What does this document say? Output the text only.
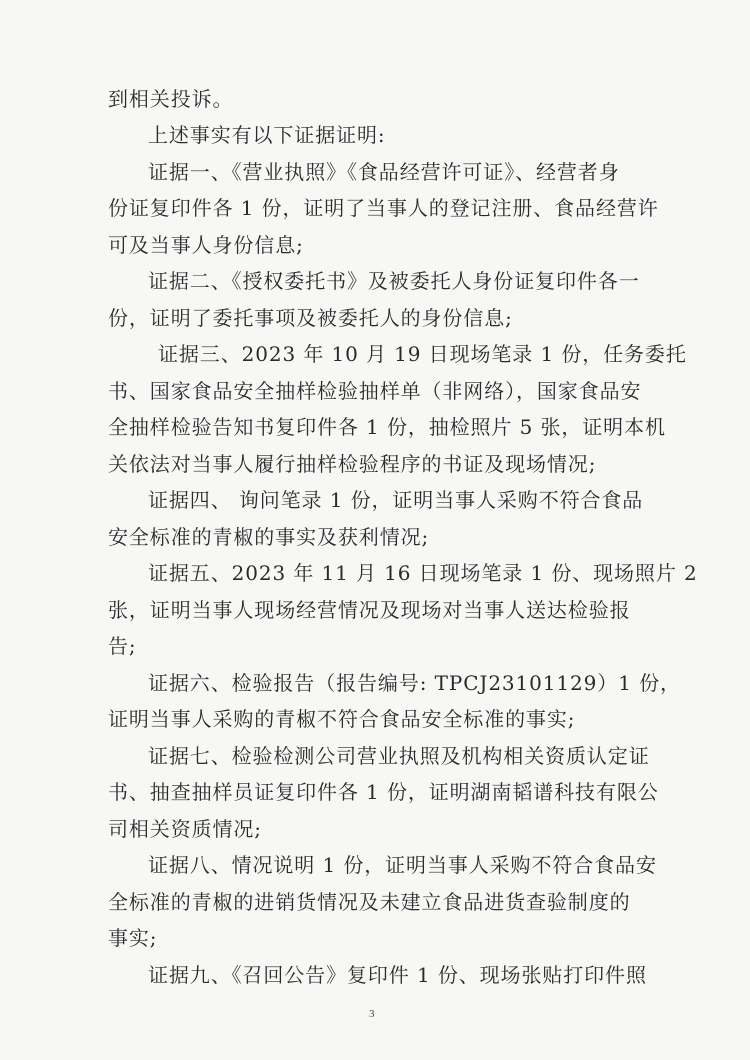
到相关投诉。
上述事实有以下证据证明:
证据一、《营业执照》《食品经营许可证》、经营者身
份证复印件各 1 份，证明了当事人的登记注册、食品经营许
可及当事人身份信息;
证据二、《授权委托书》及被委托人身份证复印件各一
份，证明了委托事项及被委托人的身份信息;
证据三、2023 年 10 月 19 日现场笔录 1 份，任务委托
书、国家食品安全抽样检验抽样单（非网络），国家食品安
全抽样检验告知书复印件各 1 份，抽检照片 5 张，证明本机
关依法对当事人履行抽样检验程序的书证及现场情况;
证据四、 询问笔录 1 份，证明当事人采购不符合食品
安全标准的青椒的事实及获利情况;
证据五、2023 年 11 月 16 日现场笔录 1 份、现场照片 2
张，证明当事人现场经营情况及现场对当事人送达检验报
告;
证据六、检验报告（报告编号: TPCJ23101129）1 份，
证明当事人采购的青椒不符合食品安全标准的事实;
证据七、检验检测公司营业执照及机构相关资质认定证
书、抽查抽样员证复印件各 1 份，证明湖南韬谱科技有限公
司相关资质情况;
证据八、情况说明 1 份，证明当事人采购不符合食品安
全标准的青椒的进销货情况及未建立食品进货查验制度的
事实;
证据九、《召回公告》复印件 1 份、现场张贴打印件照
3
